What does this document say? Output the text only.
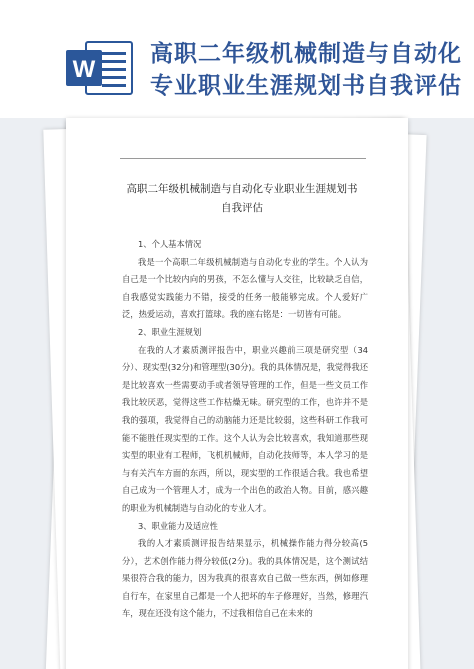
W
高职二年级机械制造与自动化
专业职业生涯规划书自我评估
高职二年级机械制造与自动化专业职业生涯规划书自我评估

1、个人基本情况

我是一个高职二年级机械制造与自动化专业的学生。个人认为自己是一个比较内向的男孩，不怎么懂与人交往，比较缺乏自信，自我感觉实践能力不错，接受的任务一般能够完成。个人爱好广泛，热爱运动，喜欢打篮球。我的座右铭是：一切皆有可能。

2、职业生涯规划

在我的人才素质测评报告中，职业兴趣前三项是研究型（34分）、现实型(32分)和管理型(30分)。我的具体情况是，我觉得我还是比较喜欢一些需要动手或者领导管理的工作，但是一些文员工作我比较厌恶，觉得这些工作枯燥无味。研究型的工作，也许并不是我的强项，我觉得自己的动脑能力还是比较弱，这些科研工作我可能不能胜任现实型的工作。这个人认为会比较喜欢，我知道那些现实型的职业有工程师，飞机机械师，自动化技师等，本人学习的是与有关汽车方面的东西，所以，现实型的工作很适合我。我也希望自己成为一个管理人才，成为一个出色的政治人物。目前，感兴趣的职业为机械制造与自动化的专业人才。

3、职业能力及适应性

我的人才素质测评报告结果显示，机械操作能力得分较高(5分），艺术创作能力得分较低(2分)。我的具体情况是，这个测试结果很符合我的能力，因为我真的很喜欢自己做一些东西，例如修理自行车，在家里自己都是一个人把坏的车子修理好，当然，修理汽车，现在还没有这个能力，不过我相信自己在未来的
